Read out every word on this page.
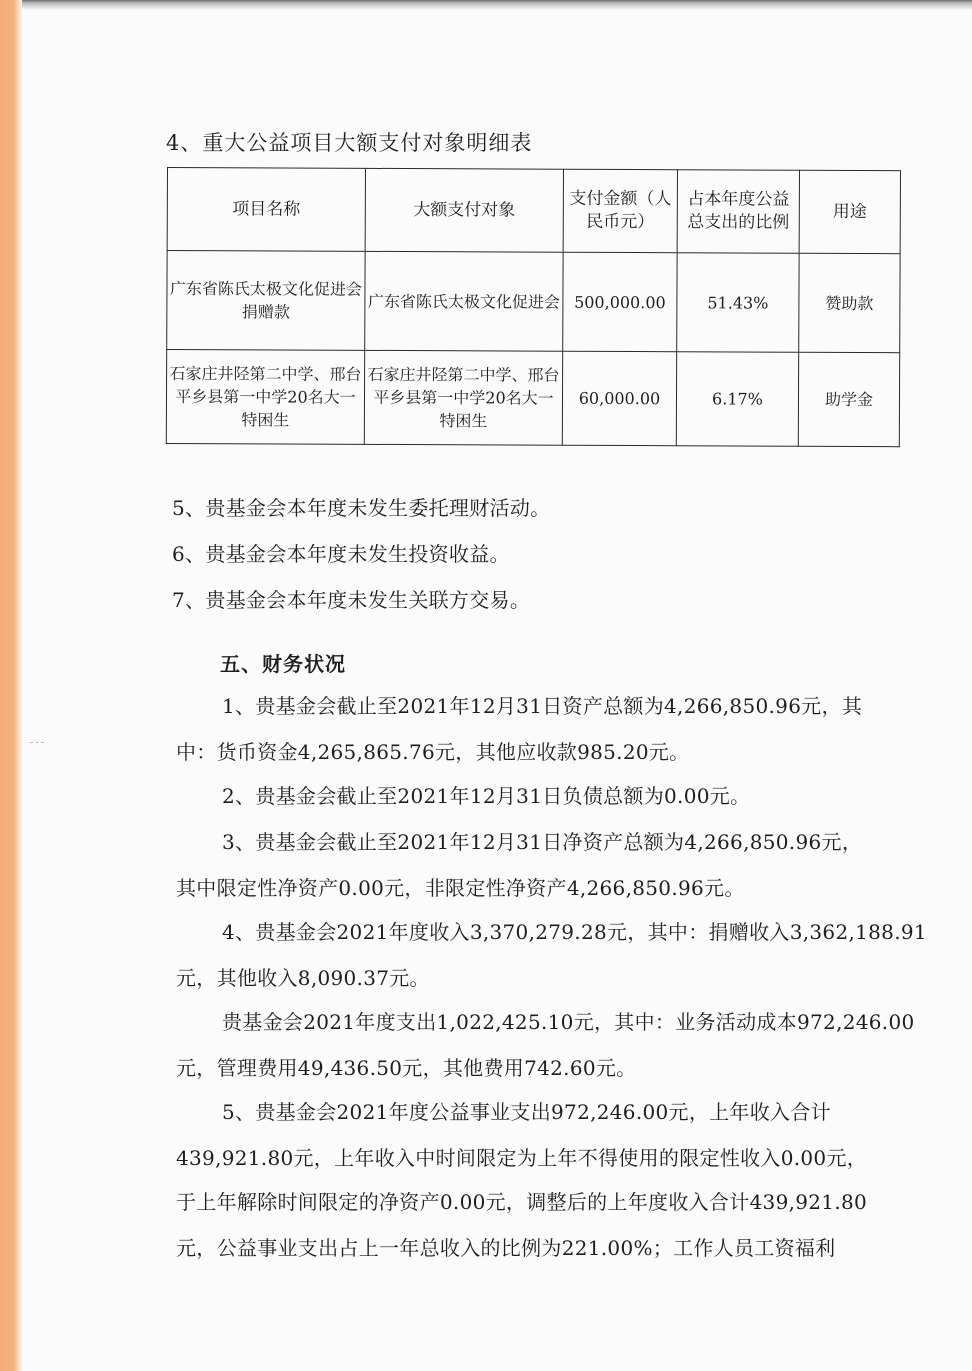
4、重大公益项目大额支付对象明细表
项目名称	大额支付对象	支付金额（人民币元）	占本年度公益总支出的比例	用途
广东省陈氏太极文化促进会捐赠款	广东省陈氏太极文化促进会	500,000.00	51.43%	赞助款
石家庄井陉第二中学、邢台平乡县第一中学20名大一特困生	石家庄井陉第二中学、邢台平乡县第一中学20名大一特困生	60,000.00	6.17%	助学金
5、贵基金会本年度未发生委托理财活动。
6、贵基金会本年度未发生投资收益。
7、贵基金会本年度未发生关联方交易。
五、财务状况
1、贵基金会截止至2021年12月31日资产总额为4,266,850.96元，其
中：货币资金4,265,865.76元，其他应收款985.20元。
2、贵基金会截止至2021年12月31日负债总额为0.00元。
3、贵基金会截止至2021年12月31日净资产总额为4,266,850.96元，
其中限定性净资产0.00元，非限定性净资产4,266,850.96元。
4、贵基金会2021年度收入3,370,279.28元，其中：捐赠收入3,362,188.91
元，其他收入8,090.37元。
贵基金会2021年度支出1,022,425.10元，其中：业务活动成本972,246.00
元，管理费用49,436.50元，其他费用742.60元。
5、贵基金会2021年度公益事业支出972,246.00元，上年收入合计
439,921.80元，上年收入中时间限定为上年不得使用的限定性收入0.00元，
于上年解除时间限定的净资产0.00元，调整后的上年度收入合计439,921.80
元，公益事业支出占上一年总收入的比例为221.00%；工作人员工资福利
